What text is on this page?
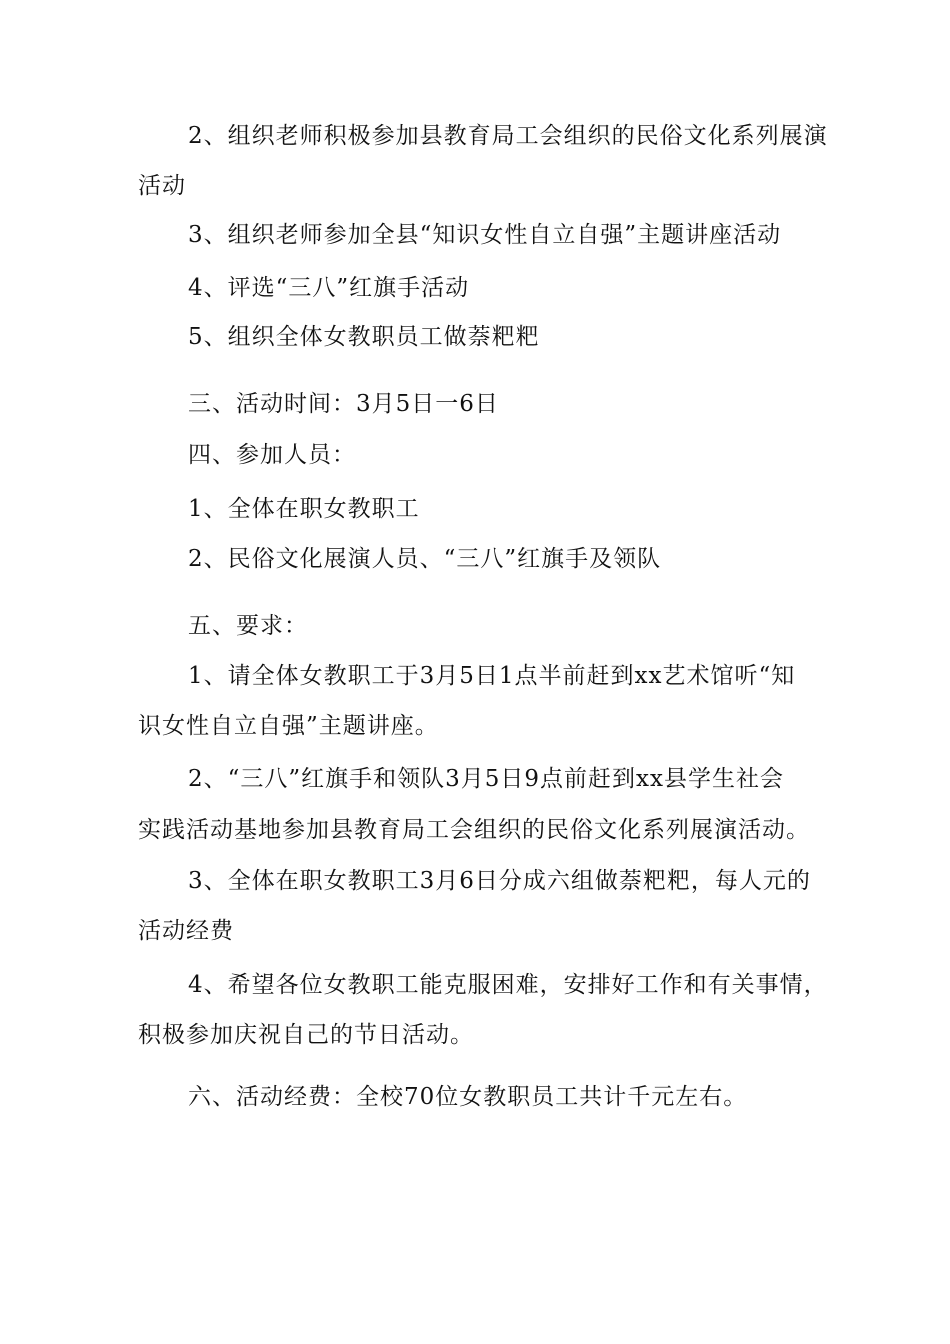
2、组织老师积极参加县教育局工会组织的民俗文化系列展演
活动
3、组织老师参加全县“知识女性自立自强”主题讲座活动
4、评选“三八”红旗手活动
5、组织全体女教职员工做萘粑粑
三、活动时间：3月5日一6日
四、参加人员：
1、全体在职女教职工
2、民俗文化展演人员、“三八”红旗手及领队
五、要求：
1、请全体女教职工于3月5日1点半前赶到xx艺术馆听“知
识女性自立自强”主题讲座。
2、“三八”红旗手和领队3月5日9点前赶到xx县学生社会
实践活动基地参加县教育局工会组织的民俗文化系列展演活动。
3、全体在职女教职工3月6日分成六组做萘粑粑，每人元的
活动经费
4、希望各位女教职工能克服困难，安排好工作和有关事情，
积极参加庆祝自己的节日活动。
六、活动经费：全校70位女教职员工共计千元左右。
